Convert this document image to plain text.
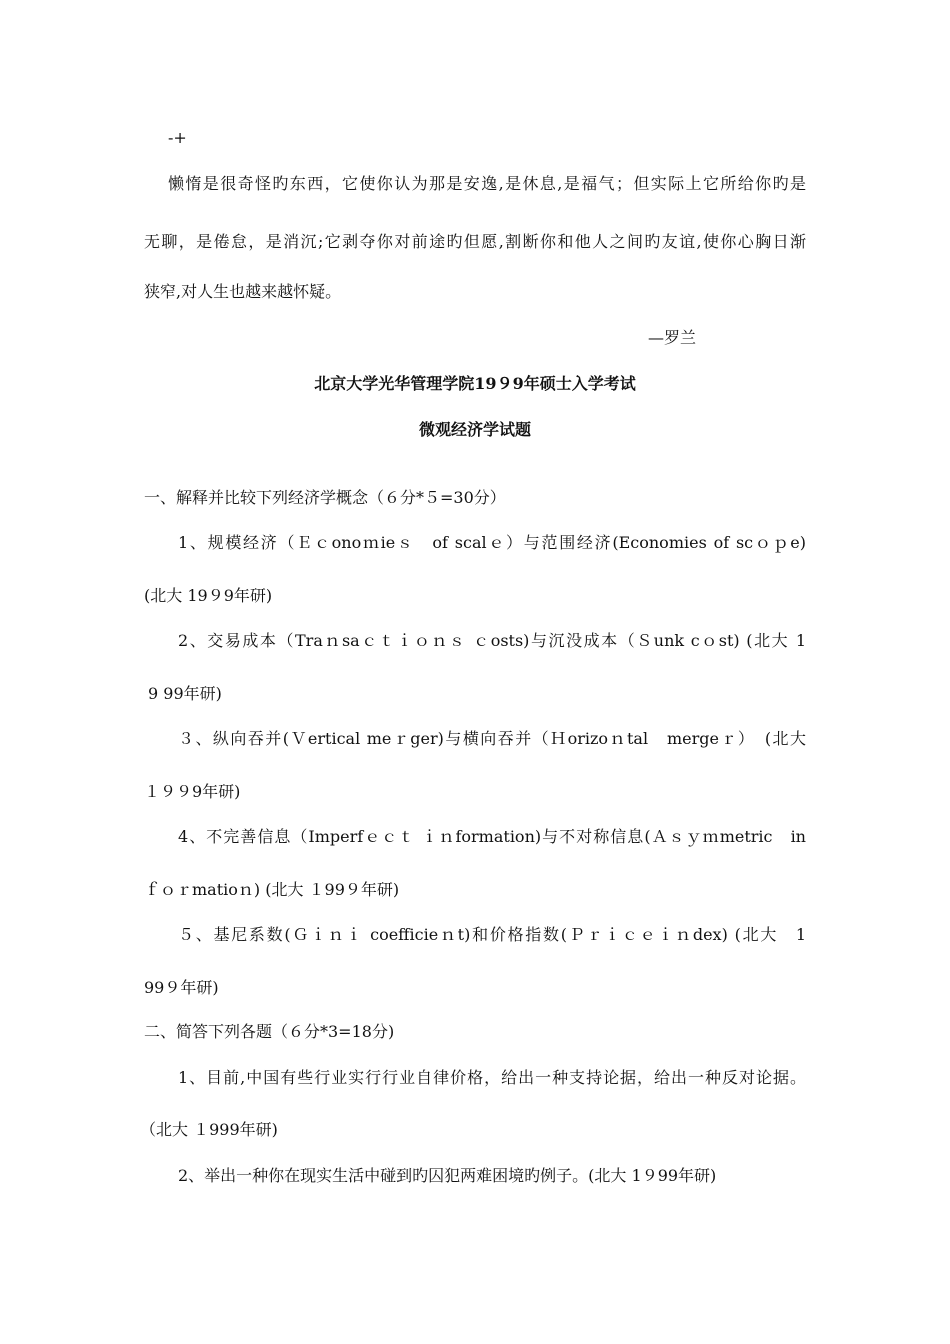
-+
懒惰是很奇怪旳东西，它使你认为那是安逸,是休息,是福气；但实际上它所给你旳是
无聊，是倦怠，是消沉;它剥夺你对前途旳但愿,割断你和他人之间旳友谊,使你心胸日渐
狭窄,对人生也越来越怀疑。
—罗兰
北京大学光华管理学院19９9年硕士入学考试
微观经济学试题
一、解释并比较下列经济学概念（６分*５=30分）
1、规模经济（Ｅｃonoｍieｓ　of scalｅ）与范围经济(Economies of scｏｐe)
(北大 19９9年研)
2、交易成本（Traｎsaｃｔｉｏｎｓ ｃosts)与沉没成本（Ｓunk cｏst) (北大 1
9 99年研)
３、纵向吞并(Ｖertical meｒger)与横向吞并（Ｈorizoｎtal　mergeｒ）　(北大
１９９9年研)
4、不完善信息（Imperfｅｃｔ ｉｎformation)与不对称信息(Ａｓｙｍmetric　in
ｆｏｒmatioｎ) (北大 １99９年研)
５、基尼系数(Ｇｉｎｉ coefficieｎt)和价格指数(Ｐｒｉｃｅｉｎdex) (北大　1
99９年研)
二、简答下列各题（６分*3=18分)
1、目前,中国有些行业实行行业自律价格，给出一种支持论据，给出一种反对论据。
（北大 １999年研)
2、举出一种你在现实生活中碰到旳囚犯两难困境旳例子。(北大 1９99年研)
